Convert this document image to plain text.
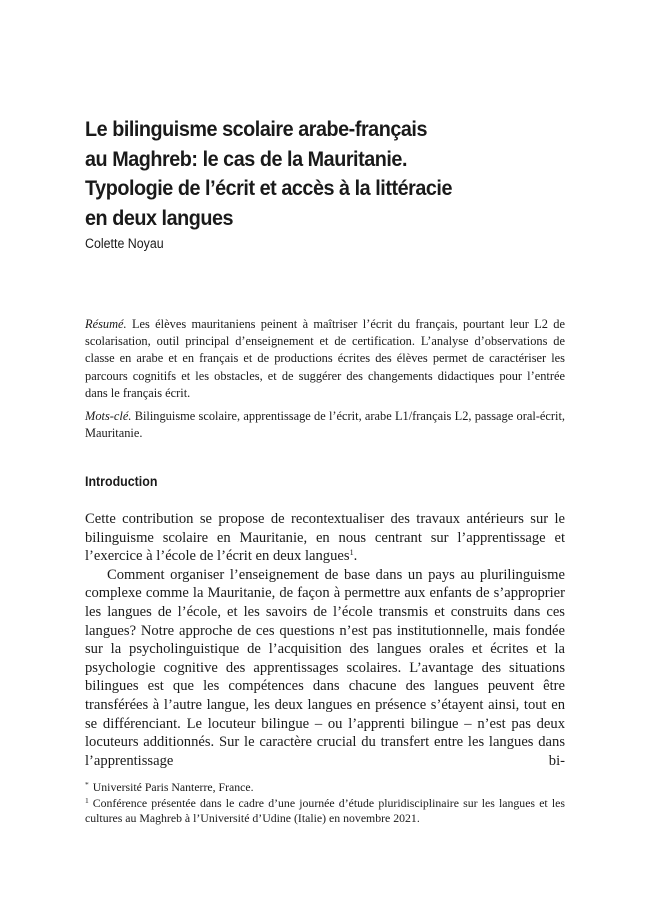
Le bilinguisme scolaire arabe-français
au Maghreb: le cas de la Mauritanie.
Typologie de l’écrit et accès à la littéracie
en deux langues
Colette Noyau

Résumé. Les élèves mauritaniens peinent à maîtriser l’écrit du français, pourtant leur L2 de scolarisation, outil principal d’enseignement et de certification. L’analyse d’observations de classe en arabe et en français et de productions écrites des élèves permet de caractériser les parcours cognitifs et les obstacles, et de suggérer des changements didactiques pour l’entrée dans le français écrit.

Mots-clé. Bilinguisme scolaire, apprentissage de l’écrit, arabe L1/français L2, passage oral-écrit, Mauritanie.

Introduction

Cette contribution se propose de recontextualiser des travaux antérieurs sur le bilinguisme scolaire en Mauritanie, en nous centrant sur l’apprentissage et l’exercice à l’école de l’écrit en deux langues$^1$.

Comment organiser l’enseignement de base dans un pays au plurilinguisme complexe comme la Mauritanie, de façon à permettre aux enfants de s’approprier les langues de l’école, et les savoirs de l’école transmis et construits dans ces langues? Notre approche de ces questions n’est pas institutionnelle, mais fondée sur la psycholinguistique de l’acquisition des langues orales et écrites et la psychologie cognitive des apprentissages scolaires. L’avantage des situations bilingues est que les compétences dans chacune des langues peuvent être transférées à l’autre langue, les deux langues en présence s’étayent ainsi, tout en se différenciant. Le locuteur bilingue – ou l’apprenti bilingue – n’est pas deux locuteurs additionnés. Sur le caractère crucial du transfert entre les langues dans l’apprentissage bi-

* Université Paris Nanterre, France.

$^1$ Conférence présentée dans le cadre d’une journée d’étude pluridisciplinaire sur les langues et les cultures au Maghreb à l’Université d’Udine (Italie) en novembre 2021.
